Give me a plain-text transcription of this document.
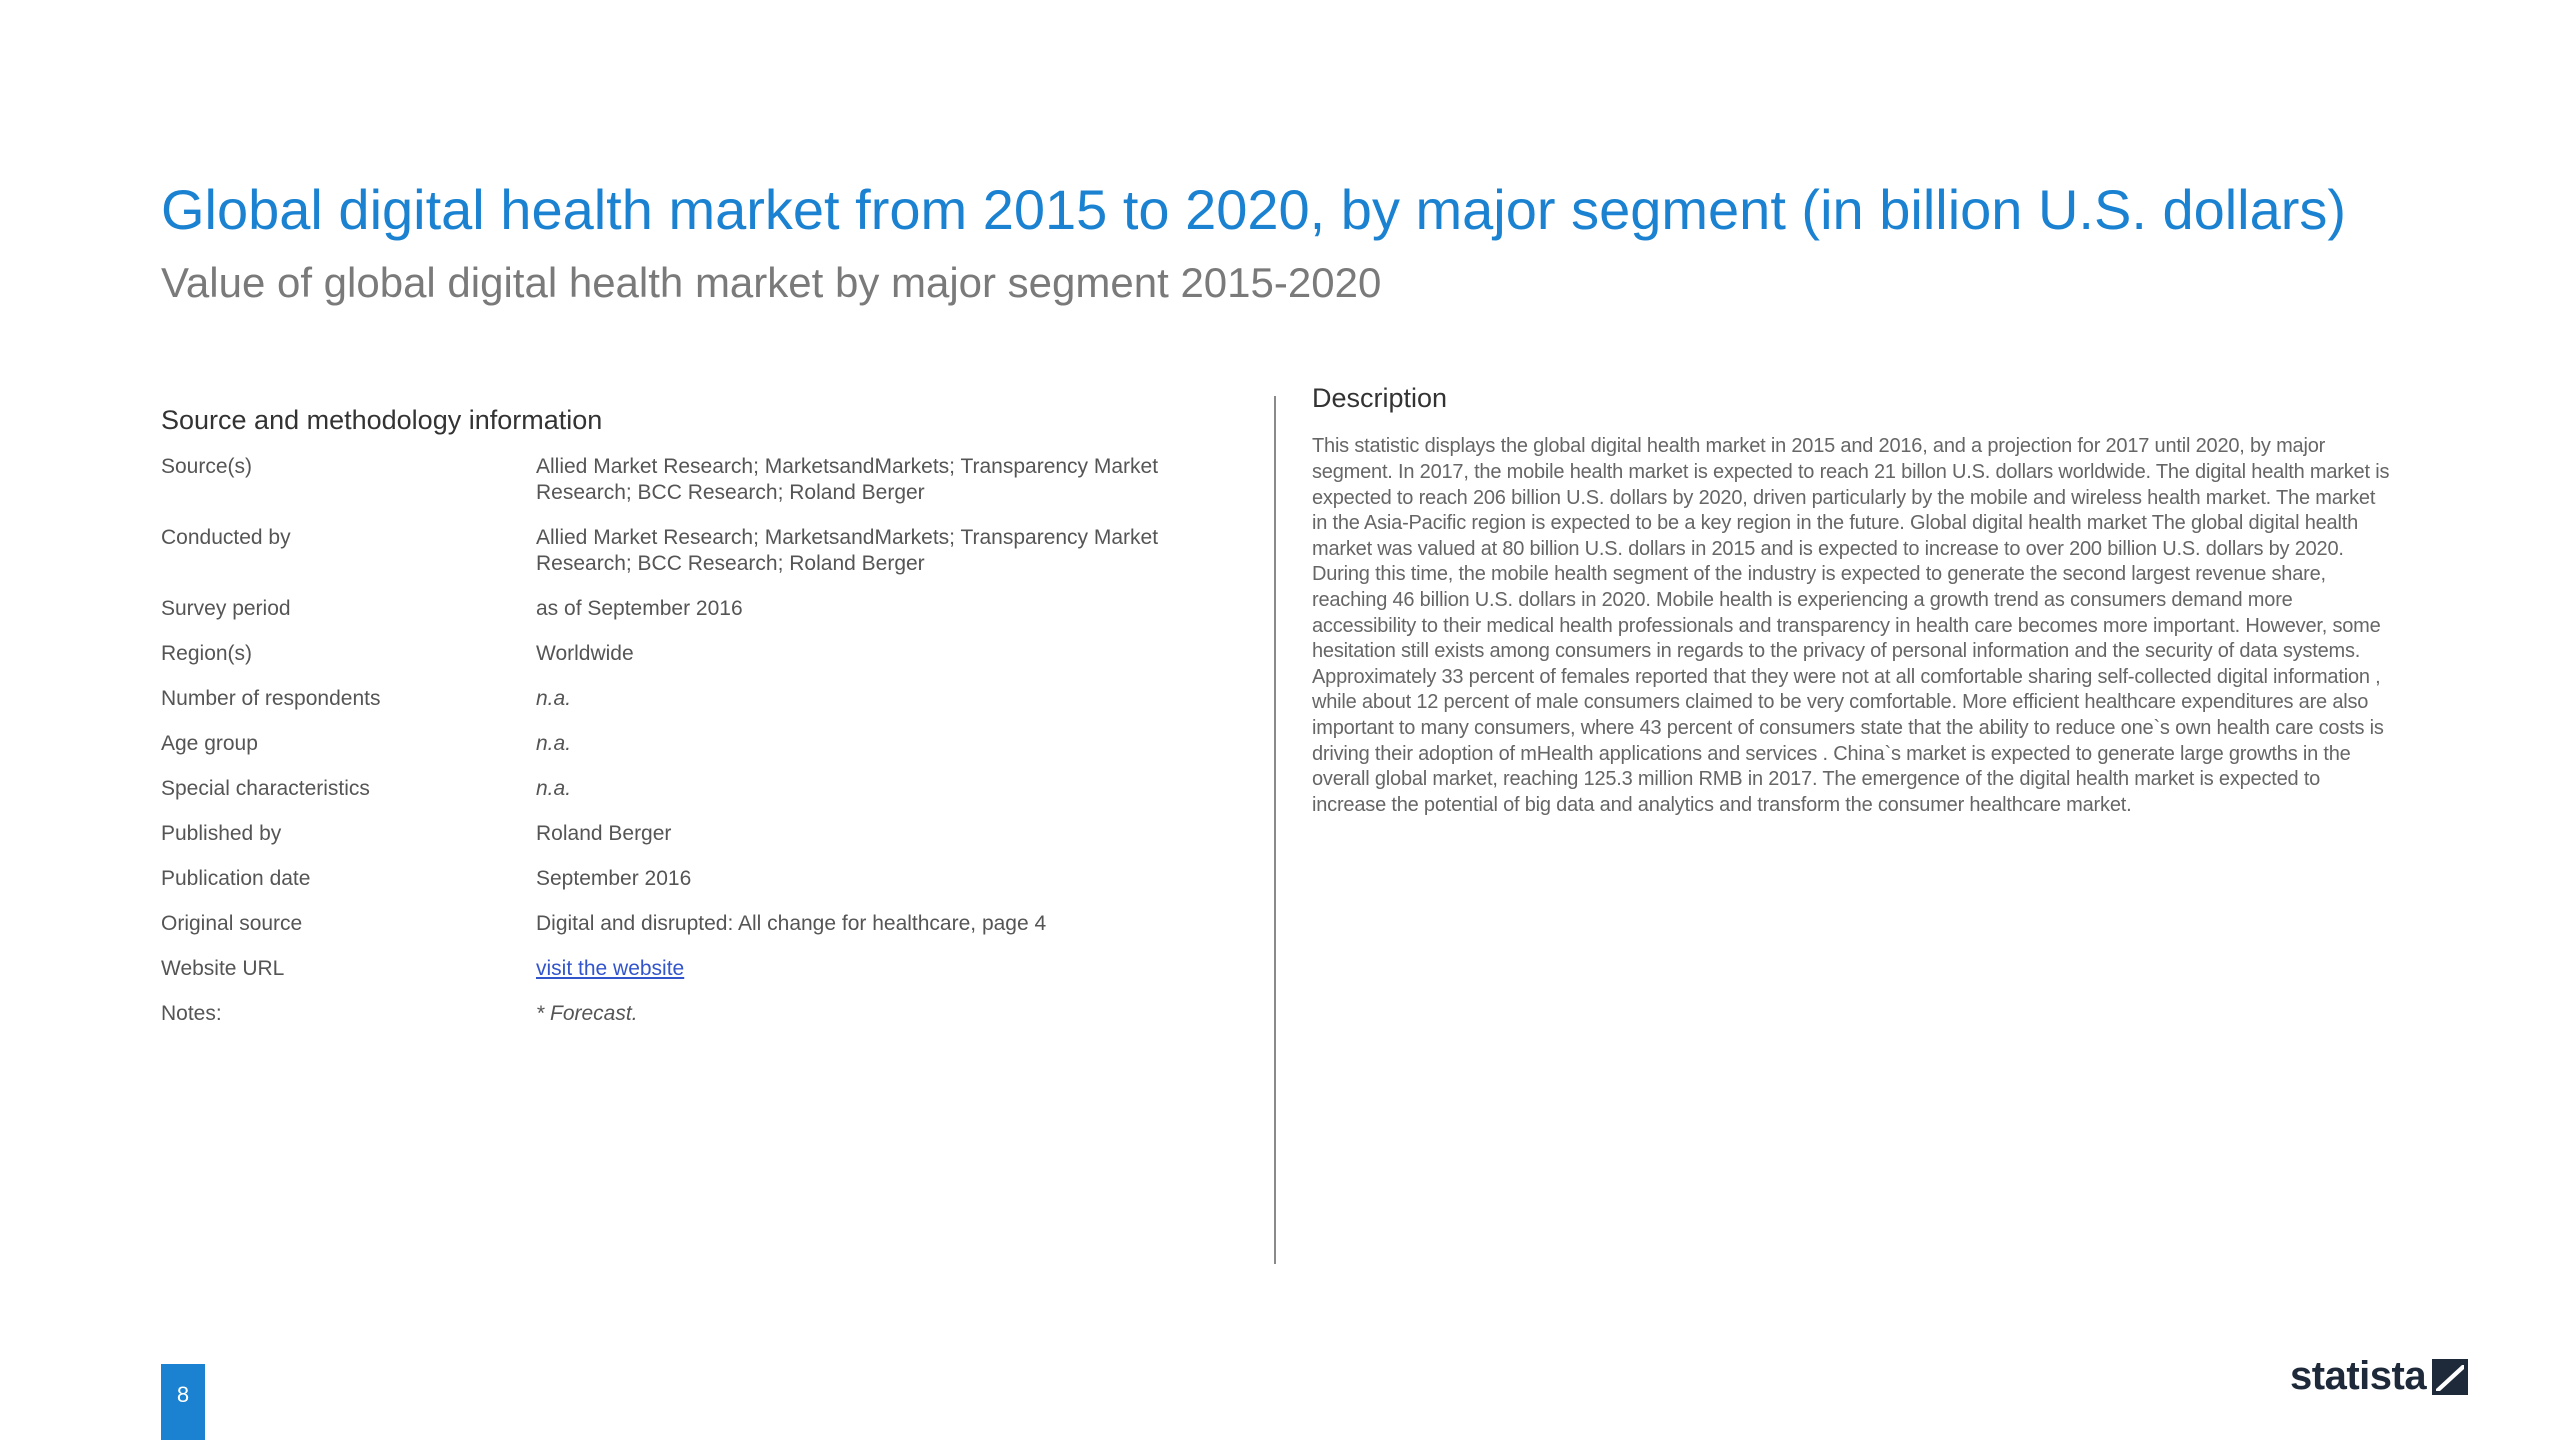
Global digital health market from 2015 to 2020, by major segment (in billion U.S. dollars)
Value of global digital health market by major segment 2015-2020
Source and methodology information
Source(s)	Allied Market Research; MarketsandMarkets; Transparency Market Research; BCC Research; Roland Berger
Conducted by	Allied Market Research; MarketsandMarkets; Transparency Market Research; BCC Research; Roland Berger
Survey period	as of September 2016
Region(s)	Worldwide
Number of respondents	n.a.
Age group	n.a.
Special characteristics	n.a.
Published by	Roland Berger
Publication date	September 2016
Original source	Digital and disrupted: All change for healthcare, page 4
Website URL	visit the website
Notes:	* Forecast.
Description

This statistic displays the global digital health market in 2015 and 2016, and a projection for 2017 until 2020, by major segment. In 2017, the mobile health market is expected to reach 21 billon U.S. dollars worldwide. The digital health market is expected to reach 206 billion U.S. dollars by 2020, driven particularly by the mobile and wireless health market. The market in the Asia-Pacific region is expected to be a key region in the future. Global digital health market The global digital health market was valued at 80 billion U.S. dollars in 2015 and is expected to increase to over 200 billion U.S. dollars by 2020. During this time, the mobile health segment of the industry is expected to generate the second largest revenue share, reaching 46 billion U.S. dollars in 2020. Mobile health is experiencing a growth trend as consumers demand more accessibility to their medical health professionals and transparency in health care becomes more important. However, some hesitation still exists among consumers in regards to the privacy of personal information and the security of data systems. Approximately 33 percent of females reported that they were not at all comfortable sharing self-collected digital information , while about 12 percent of male consumers claimed to be very comfortable. More efficient healthcare expenditures are also important to many consumers, where 43 percent of consumers state that the ability to reduce one`s own health care costs is driving their adoption of mHealth applications and services . China`s market is expected to generate large growths in the overall global market, reaching 125.3 million RMB in 2017. The emergence of the digital health market is expected to increase the potential of big data and analytics and transform the consumer healthcare market.

8	statista
